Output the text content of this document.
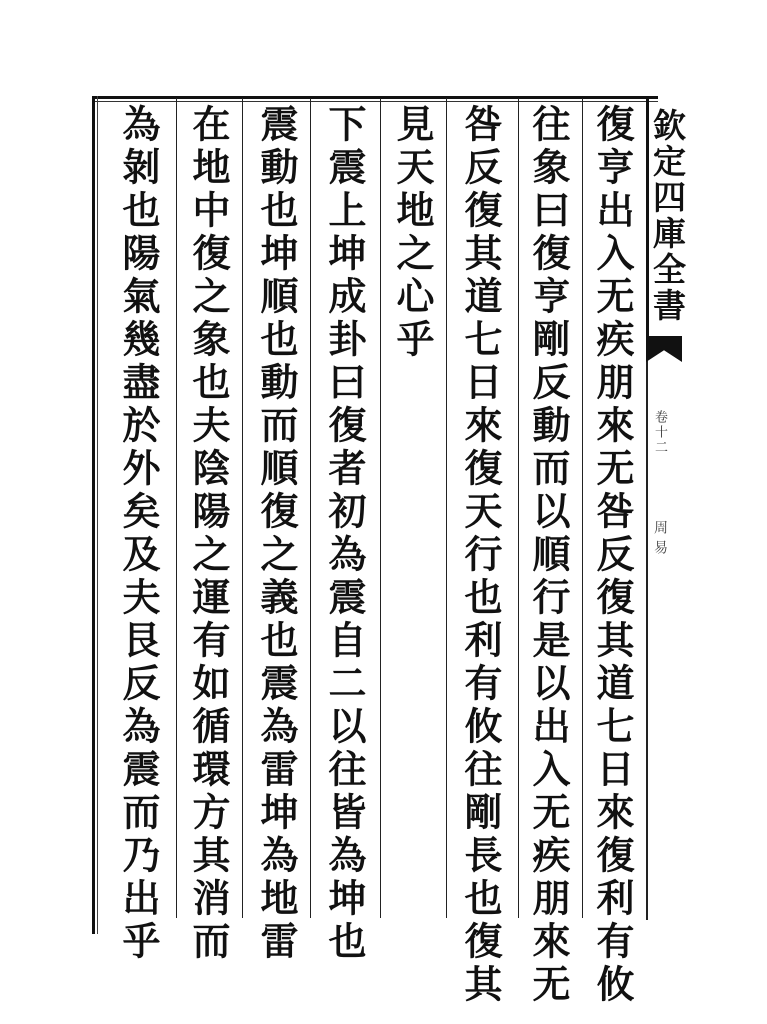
欽定四庫全書
卷十二
周易
復亨出入无疾朋來无咎反復其道七日來復利有攸
往象曰復亨剛反動而以順行是以出入无疾朋來无
咎反復其道七日來復天行也利有攸往剛長也復其
見天地之心乎
下震上坤成卦曰復者初為震自二以往皆為坤也
震動也坤順也動而順復之義也震為雷坤為地雷
在地中復之象也夫陰陽之運有如循環方其消而
為剝也陽氣幾盡於外矣及夫艮反為震而乃出乎
